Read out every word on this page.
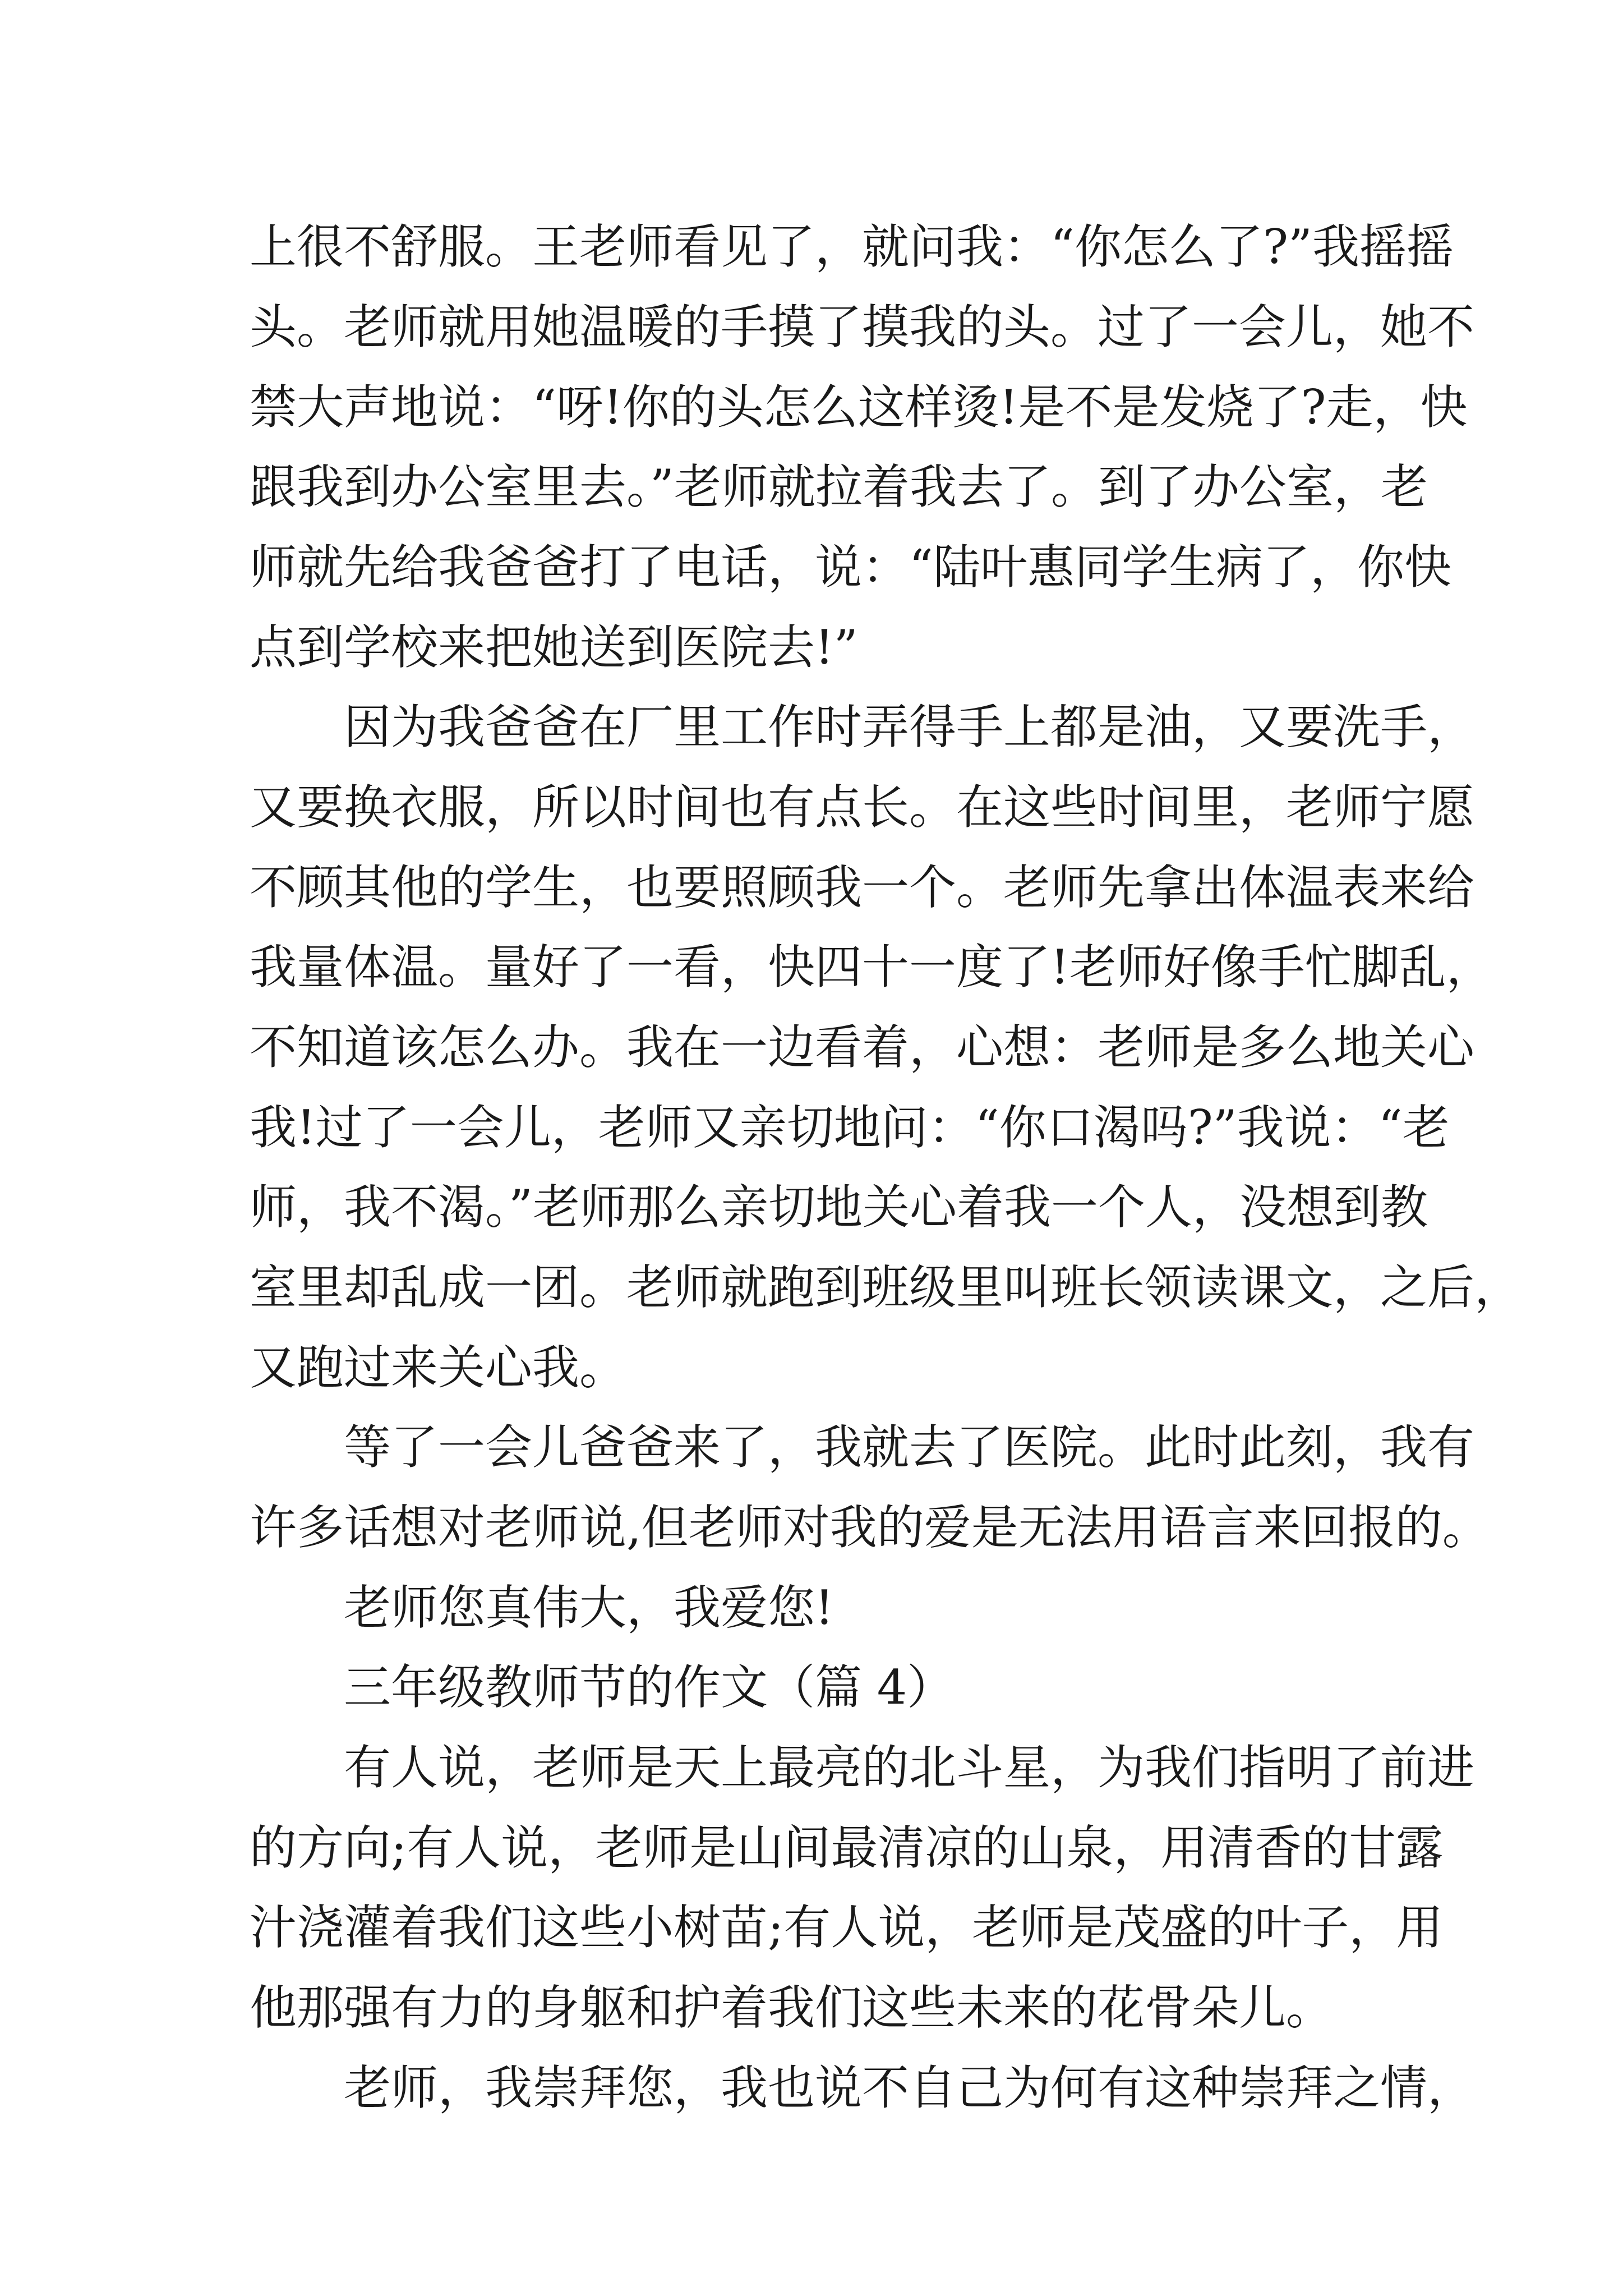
上很不舒服。王老师看见了，就问我：“你怎么了?”我摇摇
头。老师就用她温暖的手摸了摸我的头。过了一会儿，她不
禁大声地说：“呀!你的头怎么这样烫!是不是发烧了?走，快
跟我到办公室里去。”老师就拉着我去了。到了办公室，老
师就先给我爸爸打了电话，说：“陆叶惠同学生病了，你快
点到学校来把她送到医院去!”
因为我爸爸在厂里工作时弄得手上都是油，又要洗手，
又要换衣服，所以时间也有点长。在这些时间里，老师宁愿
不顾其他的学生，也要照顾我一个。老师先拿出体温表来给
我量体温。量好了一看，快四十一度了!老师好像手忙脚乱，
不知道该怎么办。我在一边看着，心想：老师是多么地关心
我!过了一会儿，老师又亲切地问：“你口渴吗?”我说：“老
师，我不渴。”老师那么亲切地关心着我一个人，没想到教
室里却乱成一团。老师就跑到班级里叫班长领读课文，之后，
又跑过来关心我。
等了一会儿爸爸来了，我就去了医院。此时此刻，我有
许多话想对老师说,但老师对我的爱是无法用语言来回报的。
老师您真伟大，我爱您!
三年级教师节的作文（篇 4）
有人说，老师是天上最亮的北斗星，为我们指明了前进
的方向;有人说，老师是山间最清凉的山泉，用清香的甘露
汁浇灌着我们这些小树苗;有人说，老师是茂盛的叶子，用
他那强有力的身躯和护着我们这些未来的花骨朵儿。
老师，我崇拜您，我也说不自己为何有这种崇拜之情，
